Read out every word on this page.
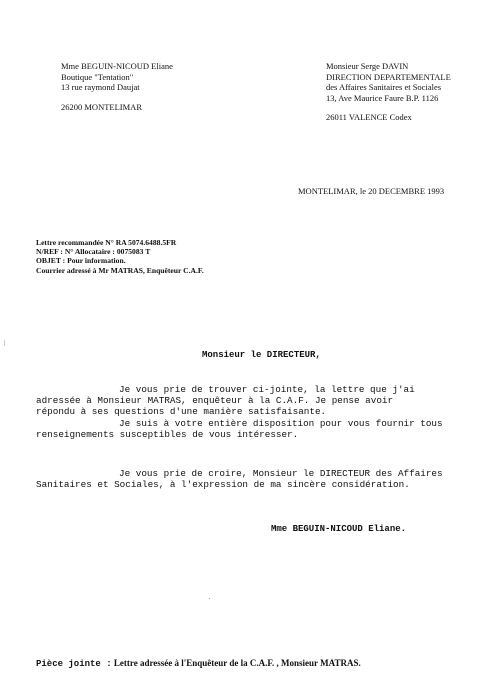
Mme BEGUIN-NICOUD Eliane
Boutique "Tentation"
13 rue raymond Daujat
26200 MONTELIMAR
Monsieur Serge DAVIN
DIRECTION DEPARTEMENTALE
des Affaires Sanitaires et Sociales
13, Ave Maurice Faure B.P. 1126
26011 VALENCE Codex
MONTELIMAR, le 20 DECEMBRE 1993
Lettre recommandée N° RA 5074.6488.5FR
N/REF : N° Allocataire : 0075083 T
OBJET : Pour information.
Courrier adressé à Mr MATRAS, Enquêteur C.A.F.
Monsieur le DIRECTEUR,
Je vous prie de trouver ci-jointe, la lettre que j'ai
adressée à Monsieur MATRAS, enquêteur à la C.A.F. Je pense avoir
répondu à ses questions d'une manière satisfaisante.
Je suis à votre entière disposition pour vous fournir tous
renseignements susceptibles de vous intéresser.
Je vous prie de croire, Monsieur le DIRECTEUR des Affaires
Sanitaires et Sociales, à l'expression de ma sincère considération.
Mme BEGUIN-NICOUD Eliane.
Pièce jointe : Lettre adressée à l'Enquêteur de la C.A.F. , Monsieur MATRAS.
